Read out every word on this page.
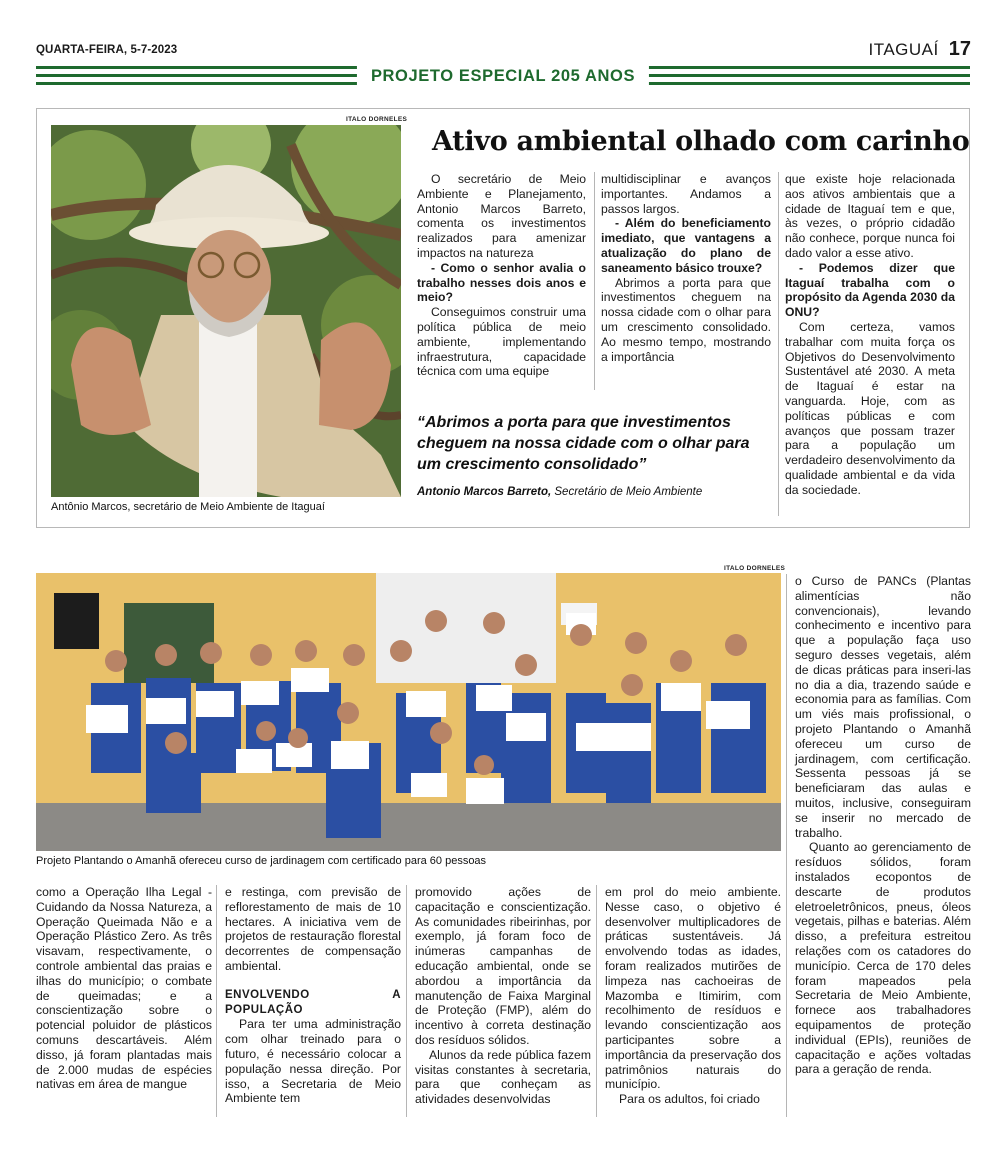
QUARTA-FEIRA, 5-7-2023	ITAGUAÍ 17
PROJETO ESPECIAL 205 ANOS
ITALO DORNELES
Antônio Marcos, secretário de Meio Ambiente de Itaguaí
Ativo ambiental olhado com carinho

O secretário de Meio Ambiente e Planejamento, Antonio Marcos Barreto, comenta os investimentos realizados para amenizar impactos na natureza

- Como o senhor avalia o trabalho nesses dois anos e meio?

Conseguimos construir uma política pública de meio ambiente, implementando infraestrutura, capacidade técnica com uma equipe

multidisciplinar e avanços importantes. Andamos a passos largos.

- Além do beneficiamento imediato, que vantagens a atualização do plano de saneamento básico trouxe?

Abrimos a porta para que investimentos cheguem na nossa cidade com o olhar para um crescimento consolidado. Ao mesmo tempo, mostrando a importância

que existe hoje relacionada aos ativos ambientais que a cidade de Itaguaí tem e que, às vezes, o próprio cidadão não conhece, porque nunca foi dado valor a esse ativo.

- Podemos dizer que Itaguaí trabalha com o propósito da Agenda 2030 da ONU?

Com certeza, vamos trabalhar com muita força os Objetivos do Desenvolvimento Sustentável até 2030. A meta de Itaguaí é estar na vanguarda. Hoje, com as políticas públicas e com avanços que possam trazer para a população um verdadeiro desenvolvimento da qualidade ambiental e da vida da sociedade.

“Abrimos a porta para que investimentos cheguem na nossa cidade com o olhar para um crescimento consolidado”
Antonio Marcos Barreto, Secretário de Meio Ambiente
ITALO DORNELES
Projeto Plantando o Amanhã ofereceu curso de jardinagem com certificado para 60 pessoas

como a Operação Ilha Legal - Cuidando da Nossa Natureza, a Operação Queimada Não e a Operação Plástico Zero. As três visavam, respectivamente, o controle ambiental das praias e ilhas do município; o combate de queimadas; e a conscientização sobre o potencial poluidor de plásticos comuns descartáveis. Além disso, já foram plantadas mais de 2.000 mudas de espécies nativas em área de mangue

e restinga, com previsão de reflorestamento de mais de 10 hectares. A iniciativa vem de projetos de restauração florestal decorrentes de compensação ambiental.

ENVOLVENDO A POPULAÇÃO

Para ter uma administração com olhar treinado para o futuro, é necessário colocar a população nessa direção. Por isso, a Secretaria de Meio Ambiente tem

promovido ações de capacitação e conscientização. As comunidades ribeirinhas, por exemplo, já foram foco de inúmeras campanhas de educação ambiental, onde se abordou a importância da manutenção de Faixa Marginal de Proteção (FMP), além do incentivo à correta destinação dos resíduos sólidos.

Alunos da rede pública fazem visitas constantes à secretaria, para que conheçam as atividades desenvolvidas

em prol do meio ambiente. Nesse caso, o objetivo é desenvolver multiplicadores de práticas sustentáveis. Já envolvendo todas as idades, foram realizados mutirões de limpeza nas cachoeiras de Mazomba e Itimirim, com recolhimento de resíduos e levando conscientização aos participantes sobre a importância da preservação dos patrimônios naturais do município.

Para os adultos, foi criado

o Curso de PANCs (Plantas alimentícias não convencionais), levando conhecimento e incentivo para que a população faça uso seguro desses vegetais, além de dicas práticas para inseri-las no dia a dia, trazendo saúde e economia para as famílias. Com um viés mais profissional, o projeto Plantando o Amanhã ofereceu um curso de jardinagem, com certificação. Sessenta pessoas já se beneficiaram das aulas e muitos, inclusive, conseguiram se inserir no mercado de trabalho.

Quanto ao gerenciamento de resíduos sólidos, foram instalados ecopontos de descarte de produtos eletroeletrônicos, pneus, óleos vegetais, pilhas e baterias. Além disso, a prefeitura estreitou relações com os catadores do município. Cerca de 170 deles foram mapeados pela Secretaria de Meio Ambiente, fornece aos trabalhadores equipamentos de proteção individual (EPIs), reuniões de capacitação e ações voltadas para a geração de renda.
